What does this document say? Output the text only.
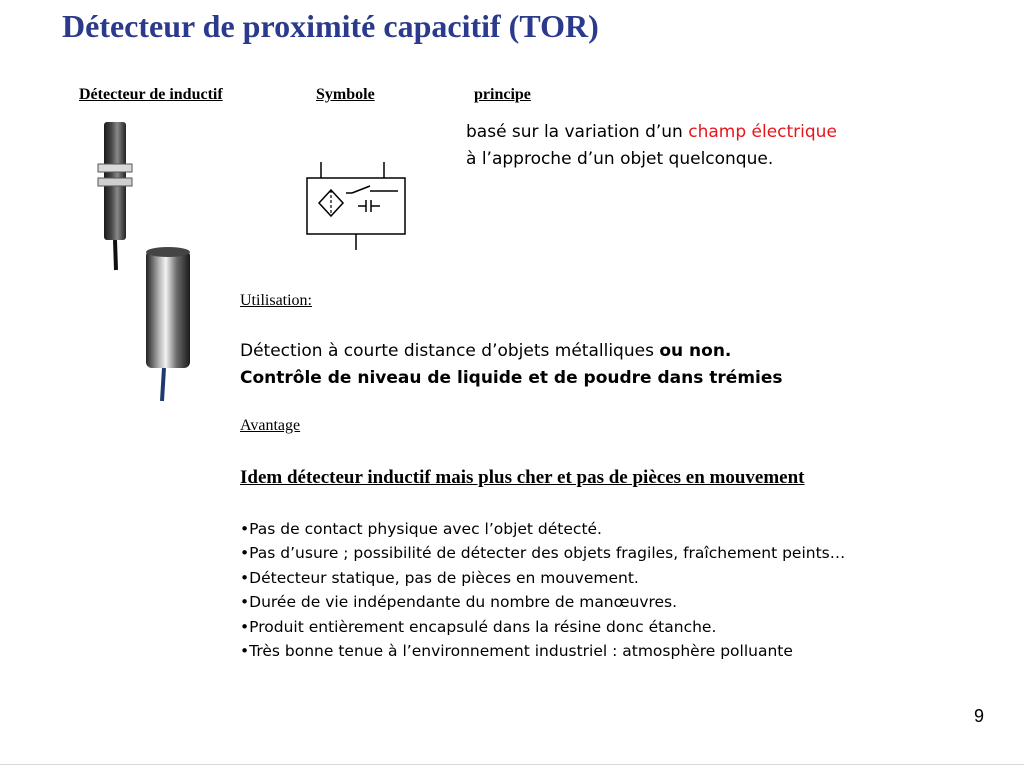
Détecteur de proximité capacitif (TOR)
Détecteur de inductif	Symbole	principe
basé sur la variation d’un champ électrique à l’approche d’un objet quelconque.
Utilisation:
Détection à courte distance d’objets métalliques ou non.
Contrôle de niveau de liquide et de poudre dans trémies
Avantage
Idem détecteur inductif mais plus cher et pas de pièces en mouvement
•Pas de contact physique avec l’objet détecté.
•Pas d’usure ; possibilité de détecter des objets fragiles, fraîchement peints…
•Détecteur statique, pas de pièces en mouvement.
•Durée de vie indépendante du nombre de manœuvres.
•Produit entièrement encapsulé dans la résine donc étanche.
•Très bonne tenue à l’environnement industriel : atmosphère polluante
9
